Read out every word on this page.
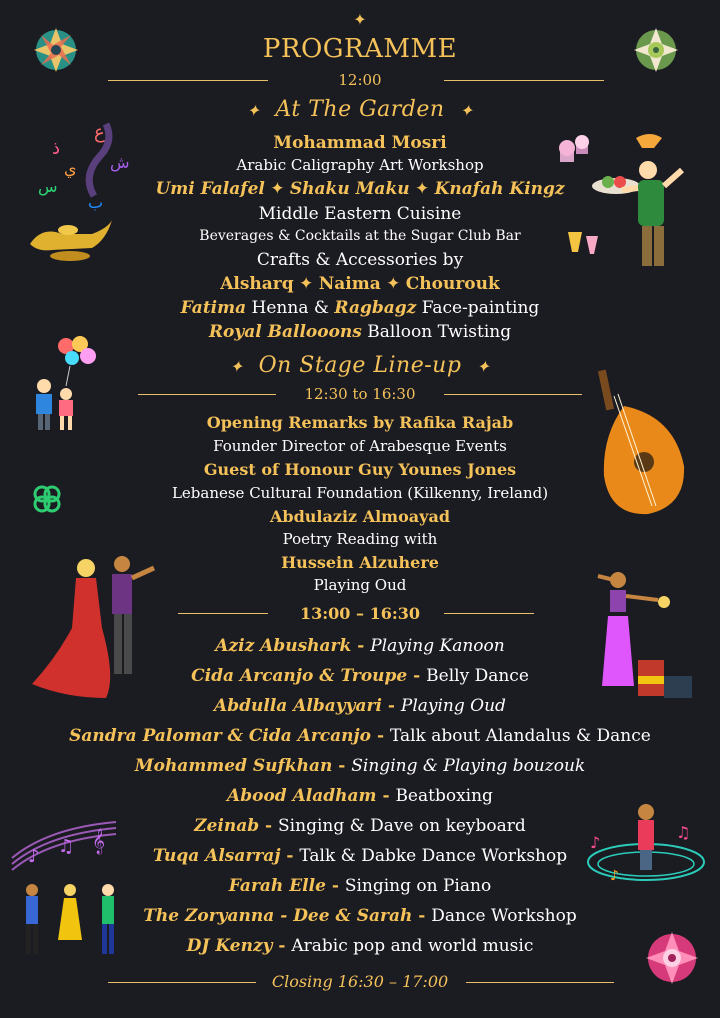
✦
PROGRAMME
12:00
✦ At The Garden ✦
Mohammad Mosri
Arabic Caligraphy Art Workshop
Umi Falafel ✦ Shaku Maku ✦ Knafah Kingz
Middle Eastern Cuisine
Beverages & Cocktails at the Sugar Club Bar
Crafts & Accessories by
Alsharq ✦ Naima ✦ Chourouk
Fatima Henna & Ragbagz Face-painting
Royal Ballooons Balloon Twisting
✦ On Stage Line-up ✦
12:30 to 16:30
Opening Remarks by Rafika Rajab
Founder Director of Arabesque Events
Guest of Honour Guy Younes Jones
Lebanese Cultural Foundation (Kilkenny, Ireland)
Abdulaziz Almoayad
Poetry Reading with
Hussein Alzuhere
Playing Oud
13:00 – 16:30
Aziz Abushark - Playing Kanoon
Cida Arcanjo & Troupe - Belly Dance
Abdulla Albayyari - Playing Oud
Sandra Palomar & Cida Arcanjo - Talk about Alandalus & Dance
Mohammed Sufkhan - Singing & Playing bouzouk
Abood Aladham - Beatboxing
Zeinab - Singing & Dave on keyboard
Tuqa Alsarraj - Talk & Dabke Dance Workshop
Farah Elle - Singing on Piano
The Zoryanna - Dee & Sarah - Dance Workshop
DJ Kenzy - Arabic pop and world music
Closing 16:30 – 17:00
ذ
ع
ي
س
ش
ب
♪ ♫ 𝄞	♪
♫
♪
